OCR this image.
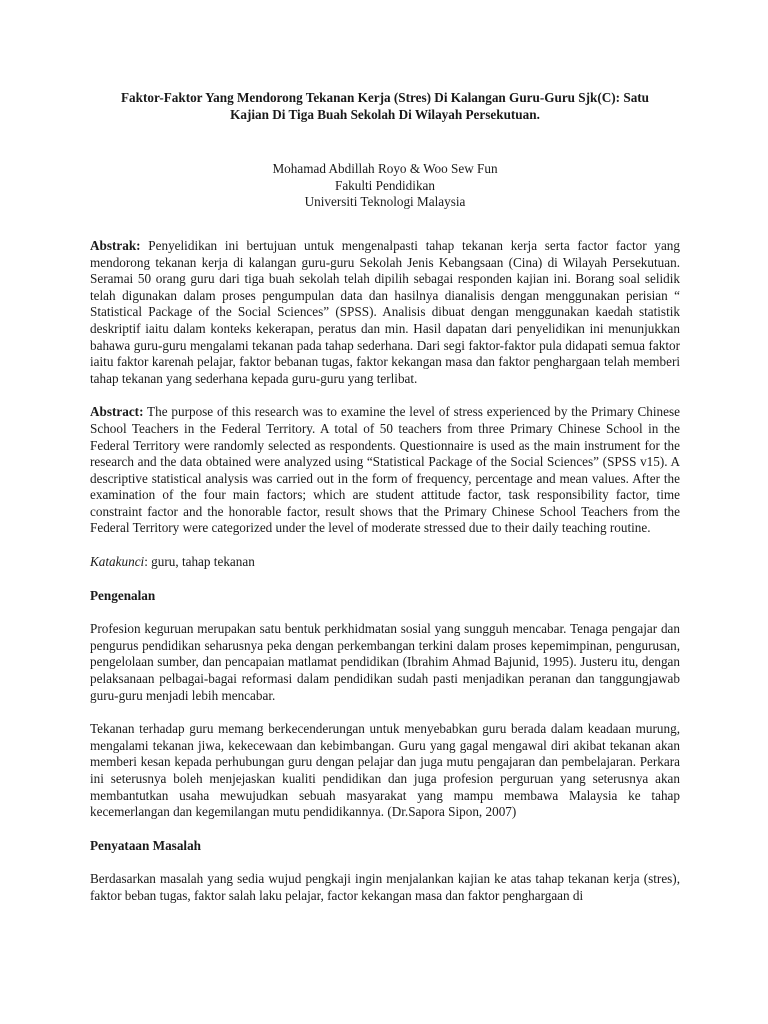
Faktor-Faktor Yang Mendorong Tekanan Kerja (Stres) Di Kalangan Guru-Guru Sjk(C): Satu
Kajian Di Tiga Buah Sekolah Di Wilayah Persekutuan.
Mohamad Abdillah Royo & Woo Sew Fun
Fakulti Pendidikan
Universiti Teknologi Malaysia

Abstrak: Penyelidikan ini bertujuan untuk mengenalpasti tahap tekanan kerja serta factor factor yang mendorong tekanan kerja di kalangan guru-guru Sekolah Jenis Kebangsaan (Cina) di Wilayah Persekutuan. Seramai 50 orang guru dari tiga buah sekolah telah dipilih sebagai responden kajian ini. Borang soal selidik telah digunakan dalam proses pengumpulan data dan hasilnya dianalisis dengan menggunakan perisian “ Statistical Package of the Social Sciences” (SPSS). Analisis dibuat dengan menggunakan kaedah statistik deskriptif iaitu dalam konteks kekerapan, peratus dan min. Hasil dapatan dari penyelidikan ini menunjukkan bahawa guru-guru mengalami tekanan pada tahap sederhana. Dari segi faktor-faktor pula didapati semua faktor iaitu faktor karenah pelajar, faktor bebanan tugas, faktor kekangan masa dan faktor penghargaan telah memberi tahap tekanan yang sederhana kepada guru-guru yang terlibat.

Abstract: The purpose of this research was to examine the level of stress experienced by the Primary Chinese School Teachers in the Federal Territory. A total of 50 teachers from three Primary Chinese School in the Federal Territory were randomly selected as respondents. Questionnaire is used as the main instrument for the research and the data obtained were analyzed using “Statistical Package of the Social Sciences” (SPSS v15). A descriptive statistical analysis was carried out in the form of frequency, percentage and mean values. After the examination of the four main factors; which are student attitude factor, task responsibility factor, time constraint factor and the honorable factor, result shows that the Primary Chinese School Teachers from the Federal Territory were categorized under the level of moderate stressed due to their daily teaching routine.

Katakunci: guru, tahap tekanan
Pengenalan

Profesion keguruan merupakan satu bentuk perkhidmatan sosial yang sungguh mencabar. Tenaga pengajar dan pengurus pendidikan seharusnya peka dengan perkembangan terkini dalam proses kepemimpinan, pengurusan, pengelolaan sumber, dan pencapaian matlamat pendidikan (Ibrahim Ahmad Bajunid, 1995). Justeru itu, dengan pelaksanaan pelbagai-bagai reformasi dalam pendidikan sudah pasti menjadikan peranan dan tanggungjawab guru-guru menjadi lebih mencabar.

Tekanan terhadap guru memang berkecenderungan untuk menyebabkan guru berada dalam keadaan murung, mengalami tekanan jiwa, kekecewaan dan kebimbangan. Guru yang gagal mengawal diri akibat tekanan akan memberi kesan kepada perhubungan guru dengan pelajar dan juga mutu pengajaran dan pembelajaran. Perkara ini seterusnya boleh menjejaskan kualiti pendidikan dan juga profesion perguruan yang seterusnya akan membantutkan usaha mewujudkan sebuah masyarakat yang mampu membawa Malaysia ke tahap kecemerlangan dan kegemilangan mutu pendidikannya. (Dr.Sapora Sipon, 2007)

Penyataan Masalah

Berdasarkan masalah yang sedia wujud pengkaji ingin menjalankan kajian ke atas tahap tekanan kerja (stres), faktor beban tugas, faktor salah laku pelajar, factor kekangan masa dan faktor penghargaan di
